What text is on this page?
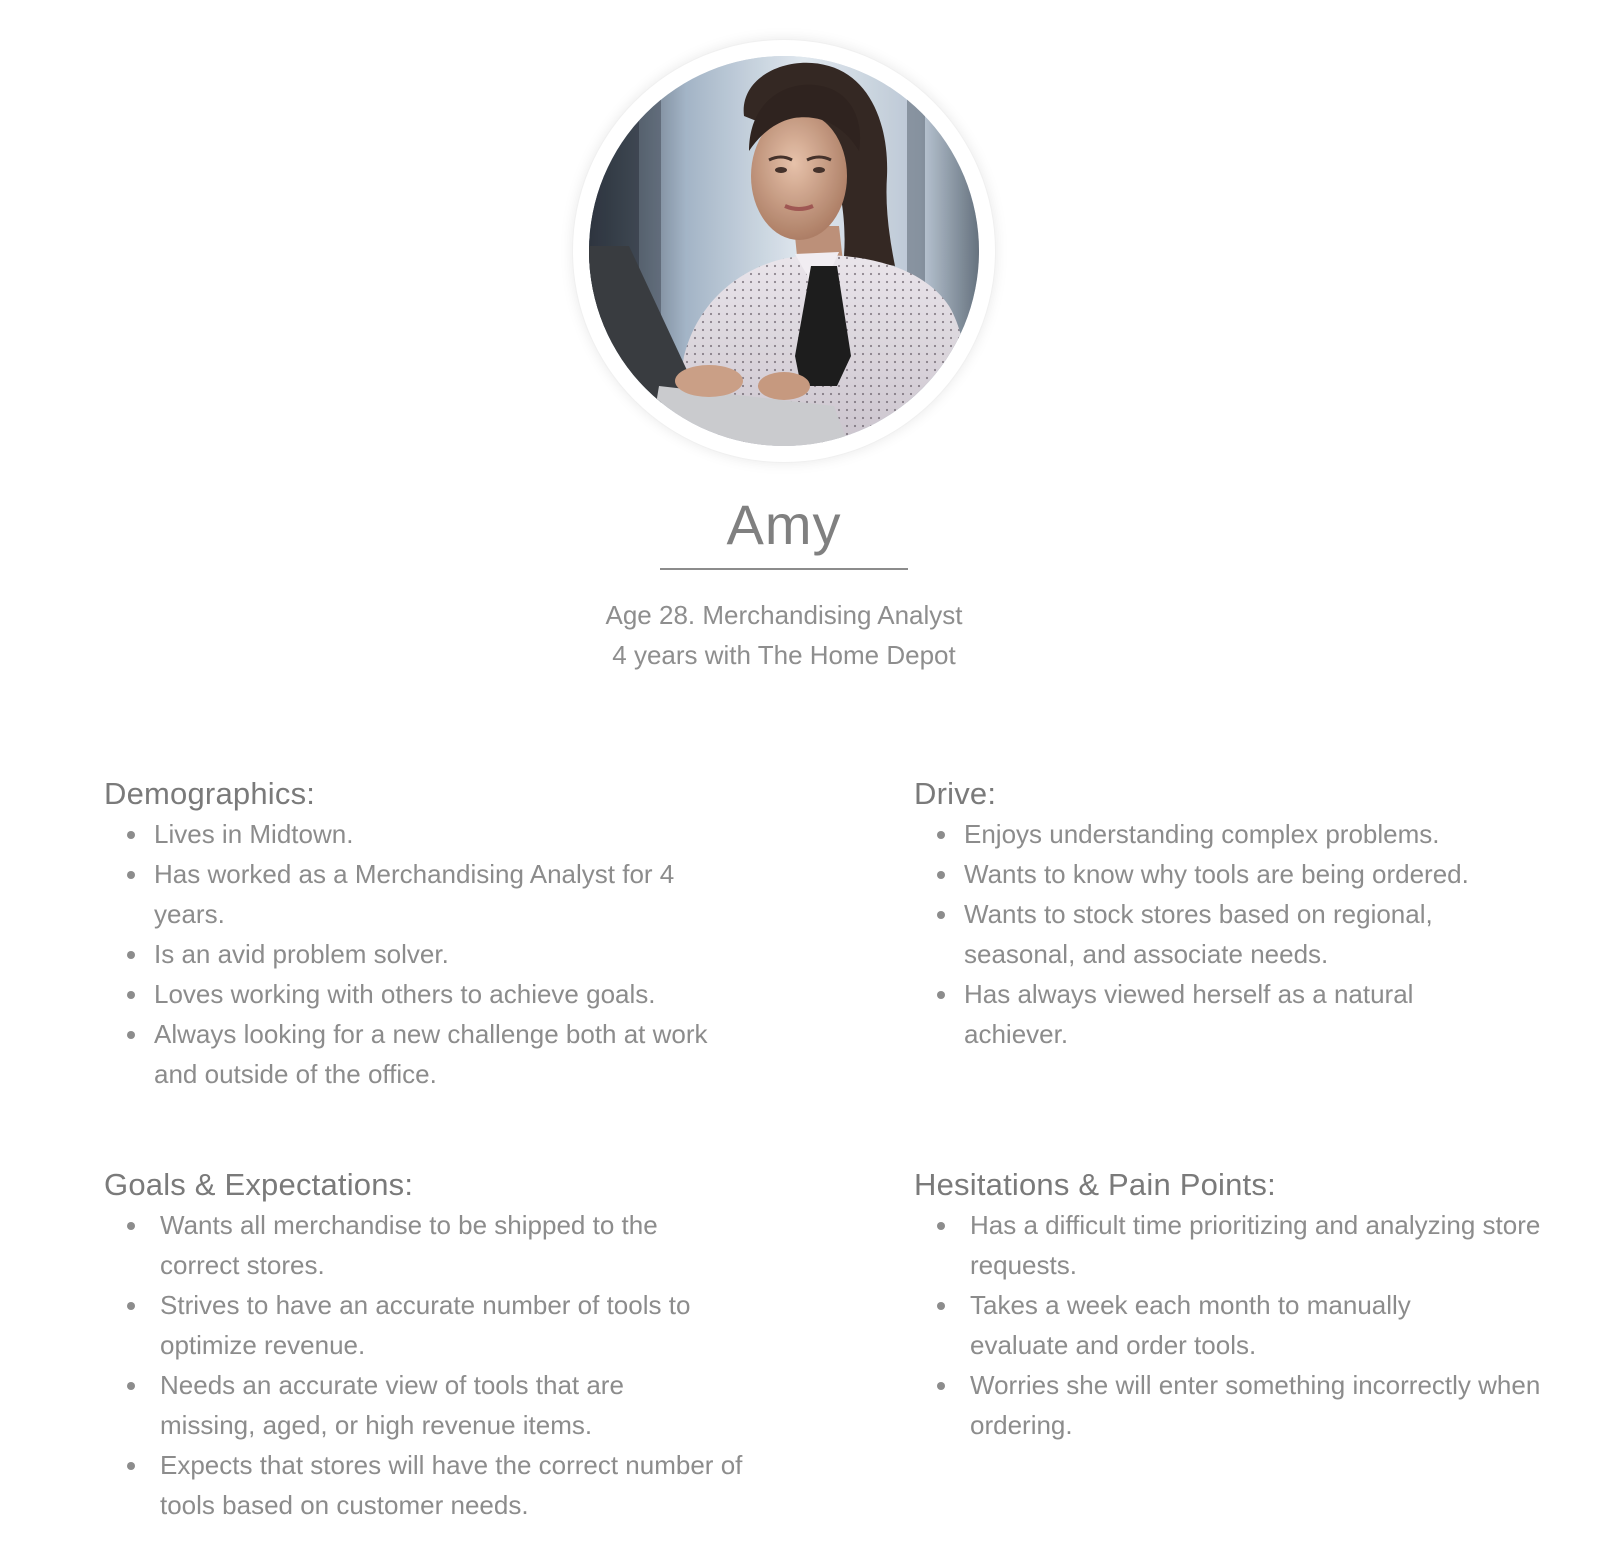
Amy
Age 28. Merchandising Analyst
4 years with The Home Depot
Demographics:
Lives in Midtown.
Has worked as a Merchandising Analyst for 4 years.
Is an avid problem solver.
Loves working with others to achieve goals.
Always looking for a new challenge both at work and outside of the office.
Drive:
Enjoys understanding complex problems.
Wants to know why tools are being ordered.
Wants to stock stores based on regional, seasonal, and associate needs.
Has always viewed herself as a natural achiever.
Goals & Expectations:
Wants all merchandise to be shipped to the correct stores.
Strives to have an accurate number of tools to optimize revenue.
Needs an accurate view of tools that are missing, aged, or high revenue items.
Expects that stores will have the correct number of tools based on customer needs.
Hesitations & Pain Points:
Has a difficult time prioritizing and analyzing store requests.
Takes a week each month to manually evaluate and order tools.
Worries she will enter something incorrectly when ordering.
